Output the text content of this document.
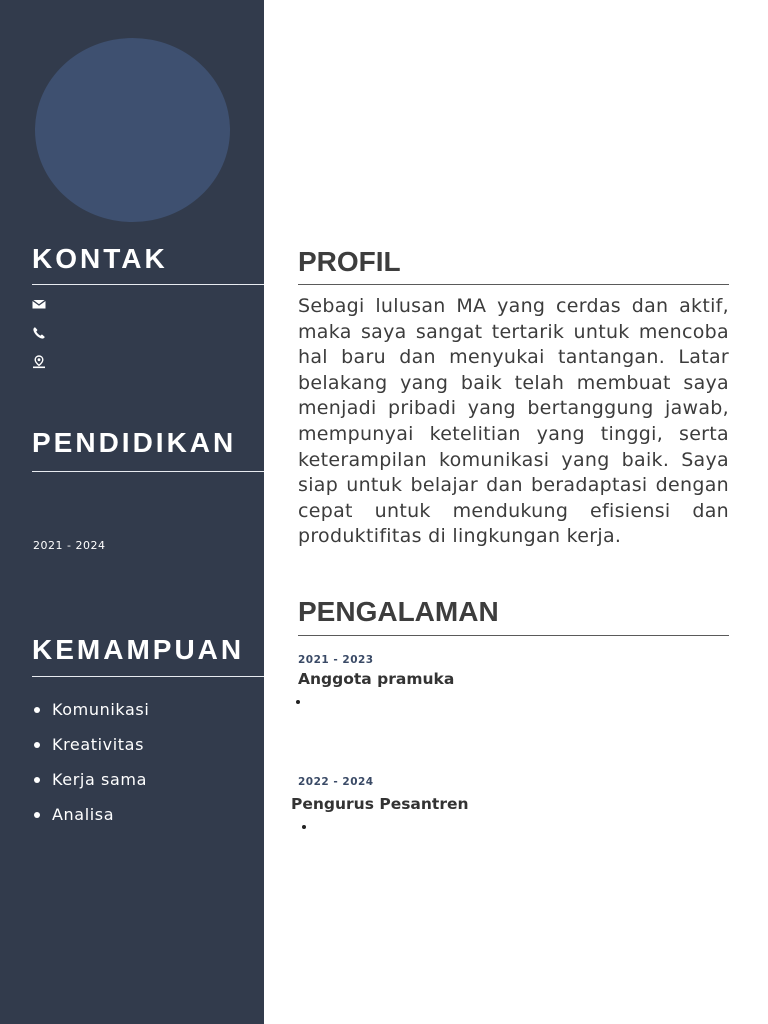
KONTAK
PENDIDIKAN
2021 - 2024
KEMAMPUAN
Komunikasi
Kreativitas
Kerja sama
Analisa
PROFIL

Sebagi lulusan MA yang cerdas dan aktif, maka saya sangat tertarik untuk mencoba hal baru dan menyukai tantangan. Latar belakang yang baik telah membuat saya menjadi pribadi yang bertanggung jawab, mempunyai ketelitian yang tinggi, serta keterampilan komunikasi yang baik. Saya siap untuk belajar dan beradaptasi dengan cepat untuk mendukung efisiensi dan produktifitas di lingkungan kerja.

PENGALAMAN
2021 - 2023
Anggota pramuka
2022 - 2024
Pengurus Pesantren
